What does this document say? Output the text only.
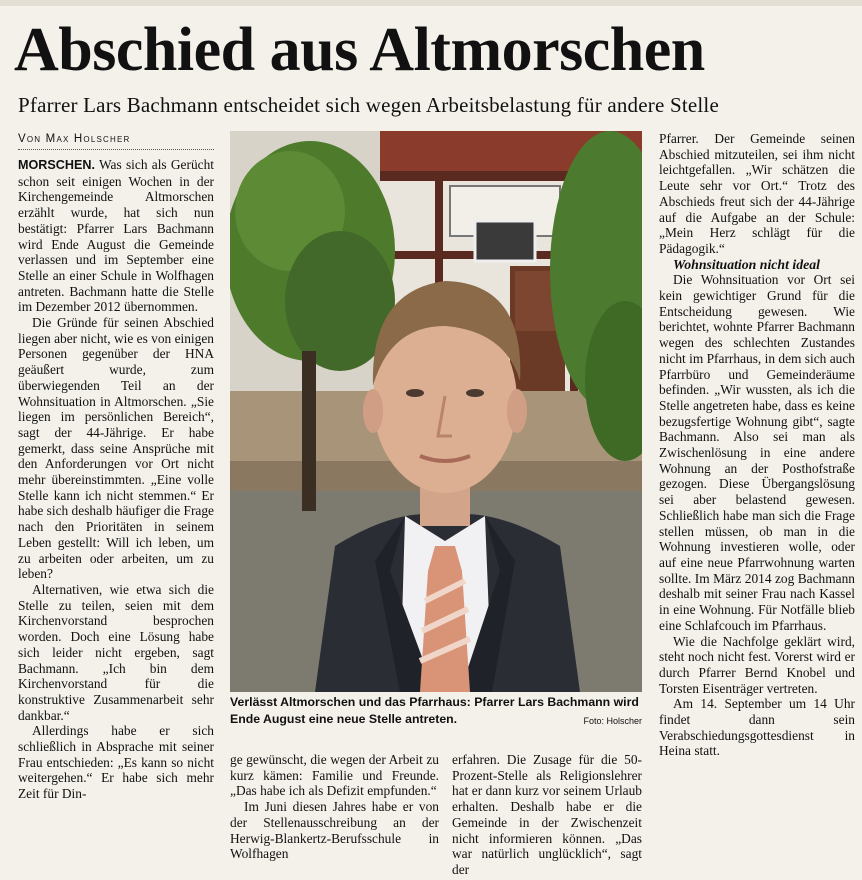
Abschied aus Altmorschen
Pfarrer Lars Bachmann entscheidet sich wegen Arbeitsbelastung für andere Stelle
Von Max Holscher

MORSCHEN. Was sich als Gerücht schon seit einigen Wochen in der Kirchengemeinde Altmorschen erzählt wurde, hat sich nun bestätigt: Pfarrer Lars Bachmann wird Ende August die Gemeinde verlassen und im September eine Stelle an einer Schule in Wolfhagen antreten. Bachmann hatte die Stelle im Dezember 2012 übernommen.

Die Gründe für seinen Abschied liegen aber nicht, wie es von einigen Personen gegenüber der HNA geäußert wurde, zum überwiegenden Teil an der Wohnsituation in Altmorschen. „Sie liegen im persönlichen Bereich“, sagt der 44-Jährige. Er habe gemerkt, dass seine Ansprüche mit den Anforderungen vor Ort nicht mehr übereinstimmten. „Eine volle Stelle kann ich nicht stemmen.“ Er habe sich deshalb häufiger die Frage nach den Prioritäten in seinem Leben gestellt: Will ich leben, um zu arbeiten oder arbeiten, um zu leben?

Alternativen, wie etwa sich die Stelle zu teilen, seien mit dem Kirchenvorstand besprochen worden. Doch eine Lösung habe sich leider nicht ergeben, sagt Bachmann. „Ich bin dem Kirchenvorstand für die konstruktive Zusammenarbeit sehr dankbar.“

Allerdings habe er sich schließlich in Absprache mit seiner Frau entschieden: „Es kann so nicht weitergehen.“ Er habe sich mehr Zeit für Din-

Verlässt Altmorschen und das Pfarrhaus: Pfarrer Lars Bachmann wird Ende August eine neue Stelle antreten.	Foto: Holscher

ge gewünscht, die wegen der Arbeit zu kurz kämen: Familie und Freunde. „Das habe ich als Defizit empfunden.“

Im Juni diesen Jahres habe er von der Stellenausschreibung an der Herwig-Blankertz-Berufsschule in Wolfhagen

erfahren. Die Zusage für die 50-Prozent-Stelle als Religionslehrer hat er dann kurz vor seinem Urlaub erhalten. Deshalb habe er die Gemeinde in der Zwischenzeit nicht informieren können. „Das war natürlich unglücklich“, sagt der

Pfarrer. Der Gemeinde seinen Abschied mitzuteilen, sei ihm nicht leichtgefallen. „Wir schätzen die Leute sehr vor Ort.“ Trotz des Abschieds freut sich der 44-Jährige auf die Aufgabe an der Schule: „Mein Herz schlägt für die Pädagogik.“

Wohnsituation nicht ideal

Die Wohnsituation vor Ort sei kein gewichtiger Grund für die Entscheidung gewesen. Wie berichtet, wohnte Pfarrer Bachmann wegen des schlechten Zustandes nicht im Pfarrhaus, in dem sich auch Pfarrbüro und Gemeinderäume befinden. „Wir wussten, als ich die Stelle angetreten habe, dass es keine bezugsfertige Wohnung gibt“, sagte Bachmann. Also sei man als Zwischenlösung in eine andere Wohnung an der Posthofstraße gezogen. Diese Übergangslösung sei aber belastend gewesen. Schließlich habe man sich die Frage stellen müssen, ob man in die Wohnung investieren wolle, oder auf eine neue Pfarrwohnung warten sollte. Im März 2014 zog Bachmann deshalb mit seiner Frau nach Kassel in eine Wohnung. Für Notfälle blieb eine Schlafcouch im Pfarrhaus.

Wie die Nachfolge geklärt wird, steht noch nicht fest. Vorerst wird er durch Pfarrer Bernd Knobel und Torsten Eisenträger vertreten.

Am 14. September um 14 Uhr findet dann sein Verabschiedungsgottesdienst in Heina statt.
